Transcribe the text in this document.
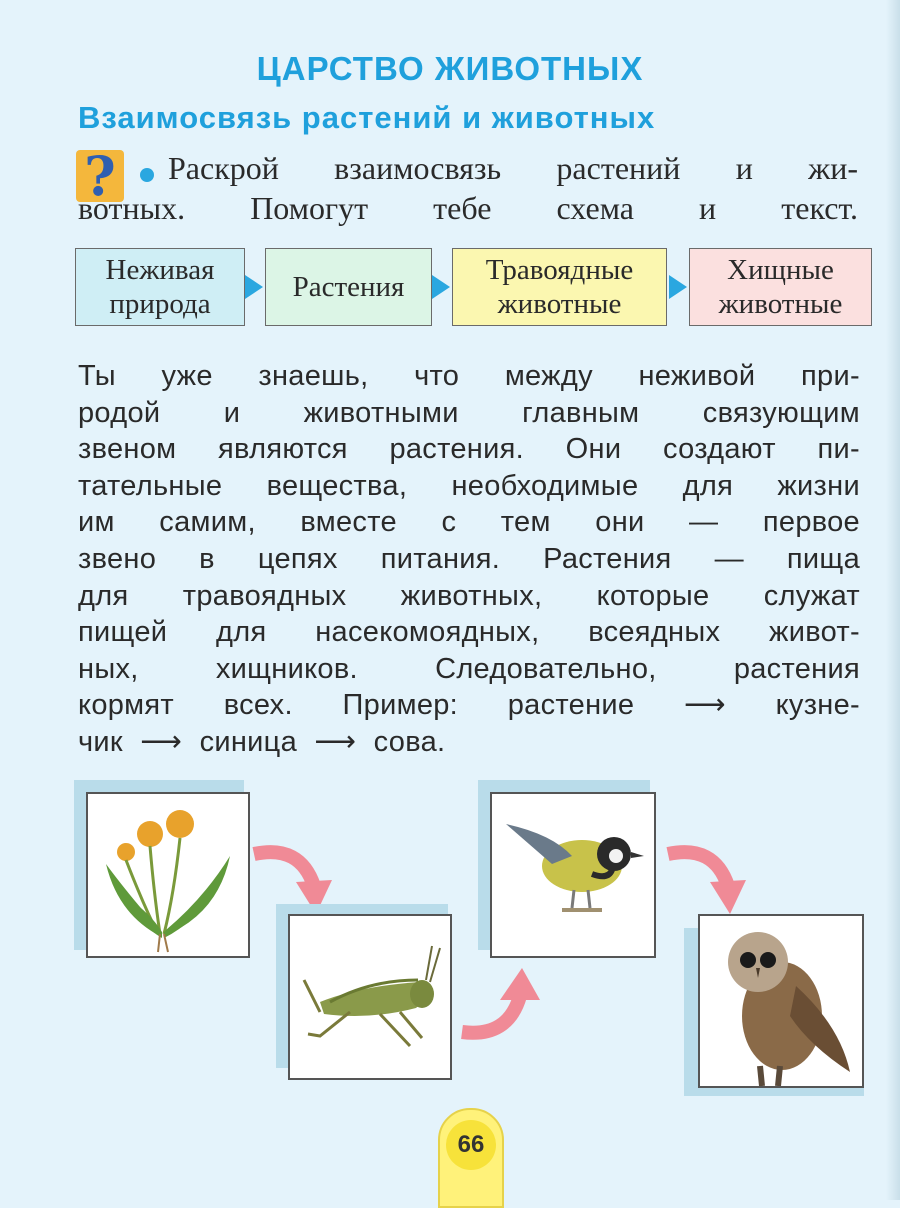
ЦАРСТВО ЖИВОТНЫХ
Взаимосвязь растений и животных
? Раскрой взаимосвязь растений и жи-
вотных. Помогут тебе схема и текст.
Неживая
природа
Растения
Травоядные
животные
Хищные
животные
Ты уже знаешь, что между неживой при-
родой и животными главным связующим
звеном являются растения. Они создают пи-
тательные вещества, необходимые для жизни
им самим, вместе с тем они — первое
звено в цепях питания. Растения — пища
для травоядных животных, которые служат
пищей для насекомоядных, всеядных живот-
ных,	хищников.	Следовательно,	растения
кормят всех. Пример: растение ⟶ кузне-
чик ⟶ синица ⟶ сова.
66
